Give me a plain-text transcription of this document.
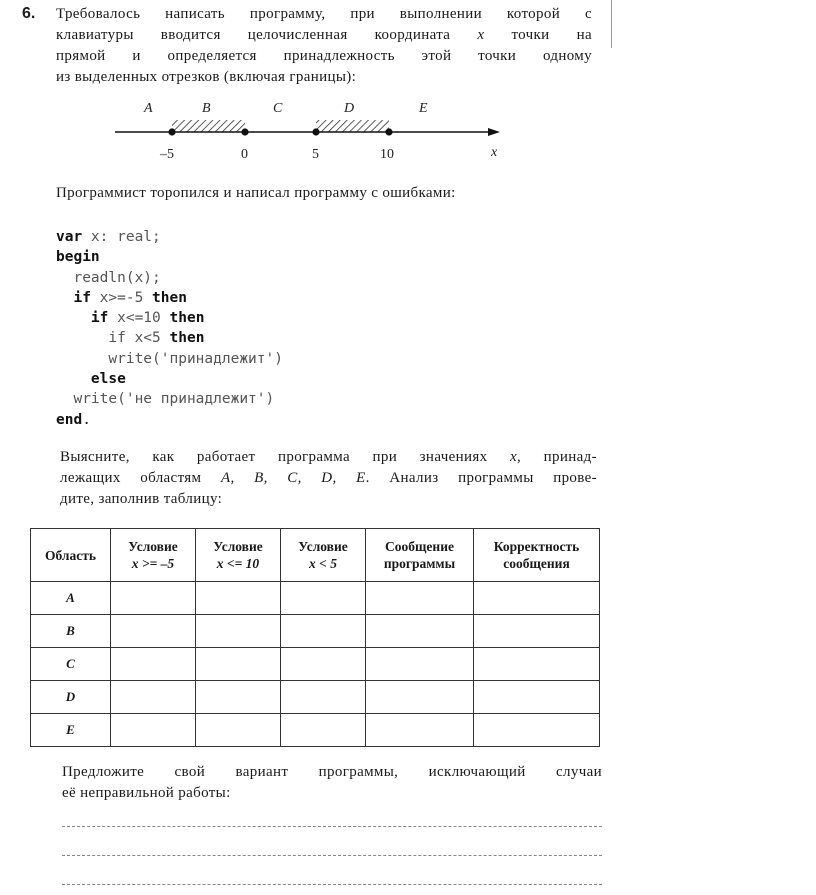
6. Требовалось написать программу, при выполнении которой с
клавиатуры вводится целочисленная координата x точки на
прямой и определяется принадлежность этой точки одному
из выделенных отрезков (включая границы):
A	B	C	D	E
–5	0	5	10	x
Программист торопился и написал программу с ошибками:
var x: real;
begin
readln(x);
if x>=-5 then
if x<=10 then
if x<5 then
write('принадлежит')
else
write('не принадлежит')
end.
Выясните, как работает программа при значениях x, принад-
лежащих областям A, B, C, D, E. Анализ программы прове-
дите, заполнив таблицу:
Область	Условие
x >= –5	Условие
x <= 10	Условие
x < 5	Сообщение
программы	Корректность
сообщения
A					
B					
C					
D					
E					
Предложите свой вариант программы, исключающий случаи
её неправильной работы:
